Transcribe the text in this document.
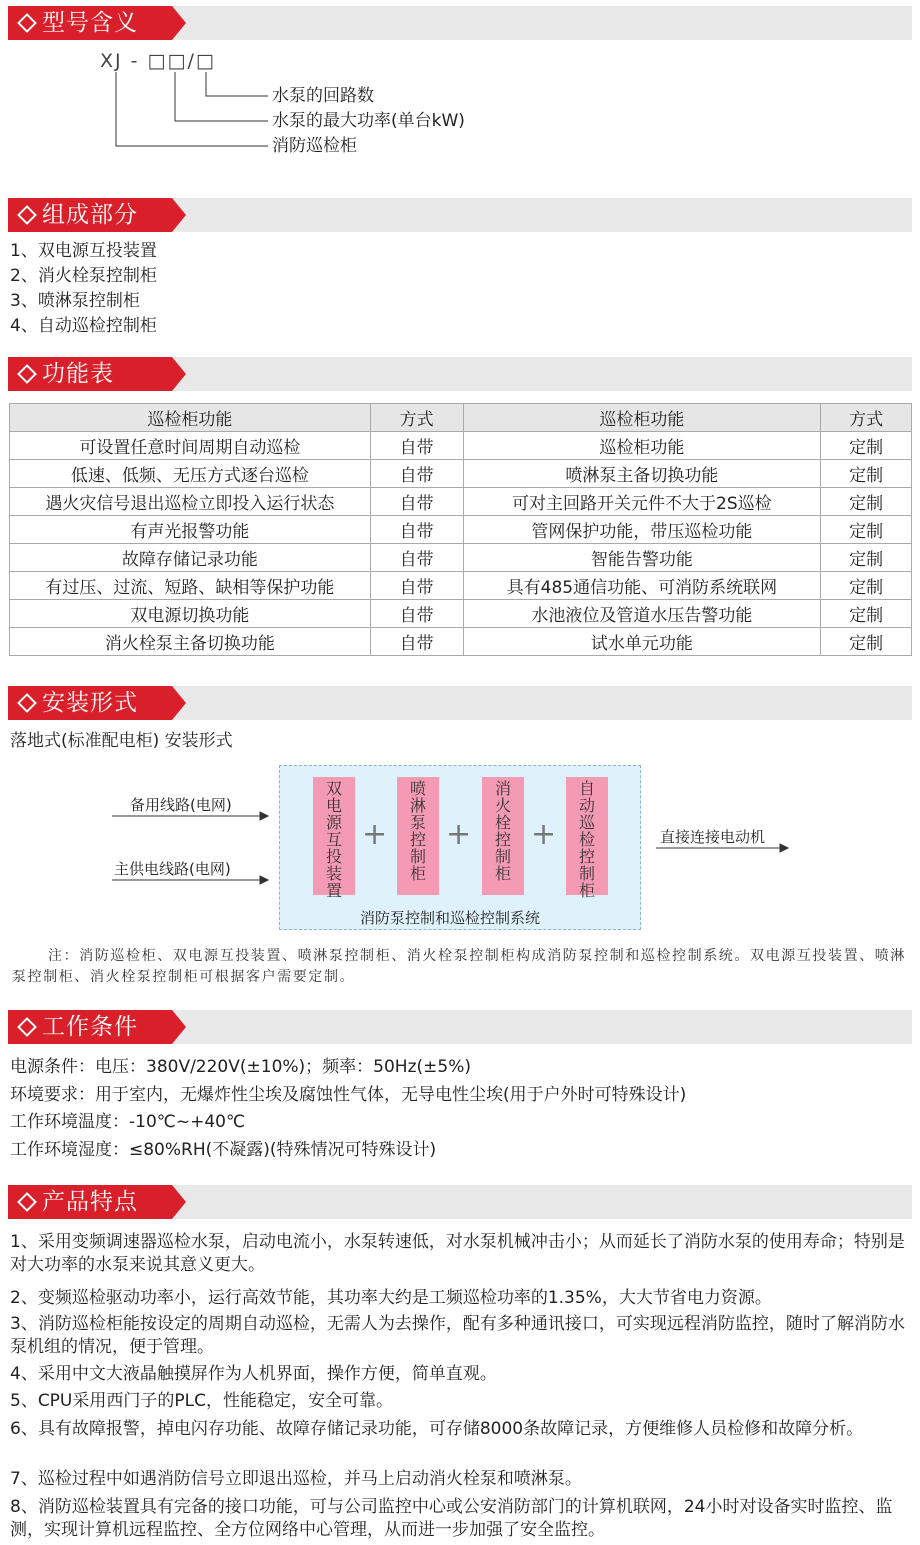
型号含义
XJ - □□/□
水泵的回路数
水泵的最大功率(单台kW)
消防巡检柜
组成部分
1、双电源互投装置
2、消火栓泵控制柜
3、喷淋泵控制柜
4、自动巡检控制柜
功能表
巡检柜功能	方式	巡检柜功能	方式
可设置任意时间周期自动巡检	自带	巡检柜功能	定制
低速、低频、无压方式逐台巡检	自带	喷淋泵主备切换功能	定制
遇火灾信号退出巡检立即投入运行状态	自带	可对主回路开关元件不大于2S巡检	定制
有声光报警功能	自带	管网保护功能，带压巡检功能	定制
故障存储记录功能	自带	智能告警功能	定制
有过压、过流、短路、缺相等保护功能	自带	具有485通信功能、可消防系统联网	定制
双电源切换功能	自带	水池液位及管道水压告警功能	定制
消火栓泵主备切换功能	自带	试水单元功能	定制
安装形式
落地式(标准配电柜) 安装形式
备用线路(电网)
主供电线路(电网)
双
电
源
互
投
装
置
+
喷
淋
泵
控
制
柜
+
消
火
栓
控
制
柜
+
自
动
巡
检
控
制
柜
消防泵控制和巡检控制系统
直接连接电动机
注：消防巡检柜、双电源互投装置、喷淋泵控制柜、消火栓泵控制柜构成消防泵控制和巡检控制系统。双电源互投装置、喷淋泵控制柜、消火栓泵控制柜可根据客户需要定制。
工作条件
电源条件：电压：380V/220V(±10%)；频率：50Hz(±5%)
环境要求：用于室内，无爆炸性尘埃及腐蚀性气体，无导电性尘埃(用于户外时可特殊设计)
工作环境温度：-10℃~+40℃
工作环境湿度：≤80%RH(不凝露)(特殊情况可特殊设计)
产品特点
1、采用变频调速器巡检水泵，启动电流小，水泵转速低，对水泵机械冲击小；从而延长了消防水泵的使用寿命；特别是对大功率的水泵来说其意义更大。
2、变频巡检驱动功率小，运行高效节能，其功率大约是工频巡检功率的1.35%，大大节省电力资源。
3、消防巡检柜能按设定的周期自动巡检，无需人为去操作，配有多种通讯接口，可实现远程消防监控，随时了解消防水泵机组的情况，便于管理。
4、采用中文大液晶触摸屏作为人机界面，操作方便，简单直观。
5、CPU采用西门子的PLC，性能稳定，安全可靠。
6、具有故障报警，掉电闪存功能、故障存储记录功能，可存储8000条故障记录，方便维修人员检修和故障分析。
7、巡检过程中如遇消防信号立即退出巡检，并马上启动消火栓泵和喷淋泵。
8、消防巡检装置具有完备的接口功能，可与公司监控中心或公安消防部门的计算机联网，24小时对设备实时监控、监测，实现计算机远程监控、全方位网络中心管理，从而进一步加强了安全监控。
